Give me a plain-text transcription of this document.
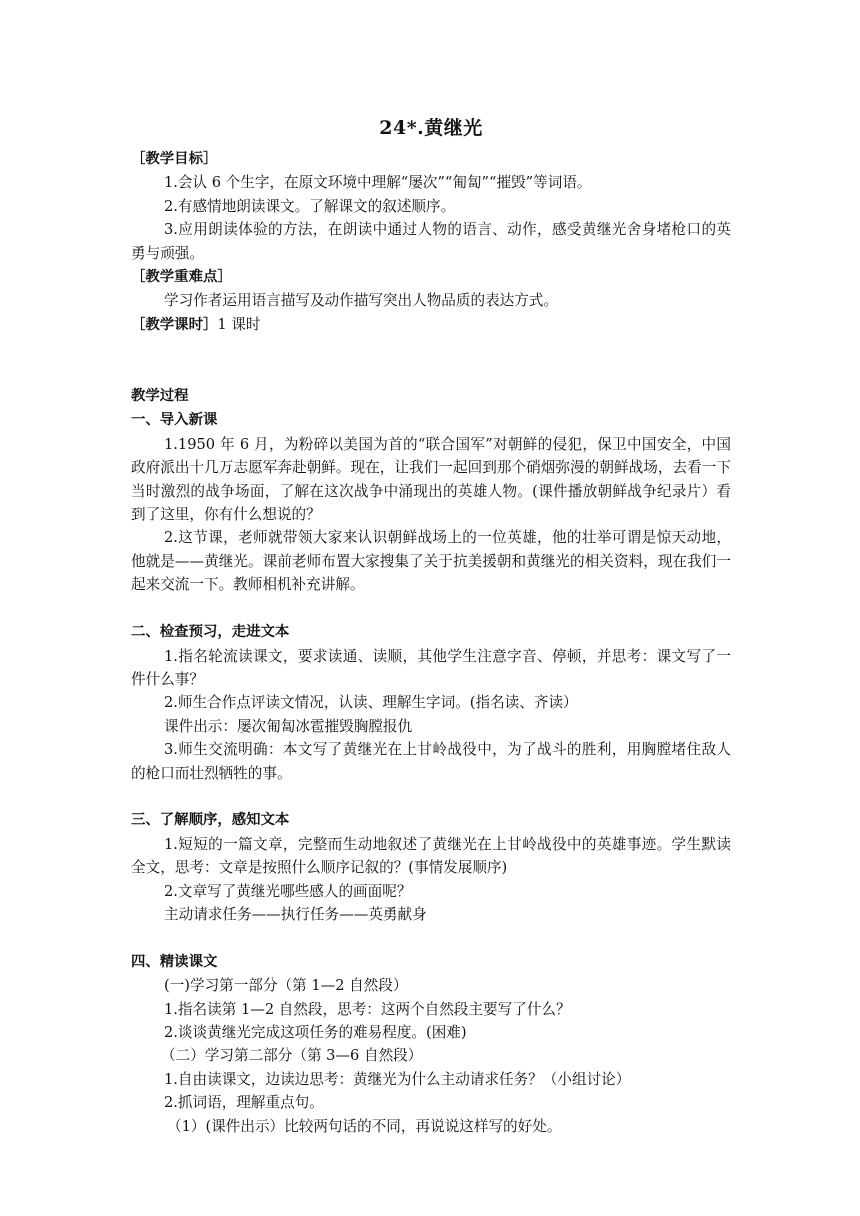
24*.黄继光
［教学目标］
1.会认 6 个生字，在原文环境中理解“屡次”“匍匐”“摧毁”等词语。
2.有感情地朗读课文。了解课文的叙述顺序。
3.应用朗读体验的方法，在朗读中通过人物的语言、动作，感受黄继光舍身堵枪口的英勇与顽强。
［教学重难点］
学习作者运用语言描写及动作描写突出人物品质的表达方式。
［教学课时］1 课时
教学过程
一、导入新课
1.1950 年 6 月，为粉碎以美国为首的“联合国军”对朝鲜的侵犯，保卫中国安全，中国政府派出十几万志愿军奔赴朝鲜。现在，让我们一起回到那个硝烟弥漫的朝鲜战场，去看一下当时激烈的战争场面，了解在这次战争中涌现出的英雄人物。(课件播放朝鲜战争纪录片）看到了这里，你有什么想说的？
2.这节课，老师就带领大家来认识朝鲜战场上的一位英雄，他的壮举可谓是惊天动地，他就是——黄继光。课前老师布置大家搜集了关于抗美援朝和黄继光的相关资料，现在我们一起来交流一下。教师相机补充讲解。
二、检查预习，走进文本
1.指名轮流读课文，要求读通、读顺，其他学生注意字音、停顿，并思考：课文写了一件什么事？
2.师生合作点评读文情况，认读、理解生字词。(指名读、齐读）
课件出示：屡次匍匐冰雹摧毁胸膛报仇
3.师生交流明确：本文写了黄继光在上甘岭战役中，为了战斗的胜利，用胸膛堵住敌人的枪口而壮烈牺牲的事。
三、了解顺序，感知文本
1.短短的一篇文章，完整而生动地叙述了黄继光在上甘岭战役中的英雄事迹。学生默读全文，思考：文章是按照什么顺序记叙的？(事情发展顺序)
2.文章写了黄继光哪些感人的画面呢？
主动请求任务——执行任务——英勇献身
四、精读课文
(一)学习第一部分（第 1—2 自然段）
1.指名读第 1—2 自然段，思考：这两个自然段主要写了什么？
2.谈谈黄继光完成这项任务的难易程度。(困难)
（二）学习第二部分（第 3—6 自然段）
1.自由读课文，边读边思考：黄继光为什么主动请求任务？（小组讨论）
2.抓词语，理解重点句。
（1）(课件出示）比较两句话的不同，再说说这样写的好处。
